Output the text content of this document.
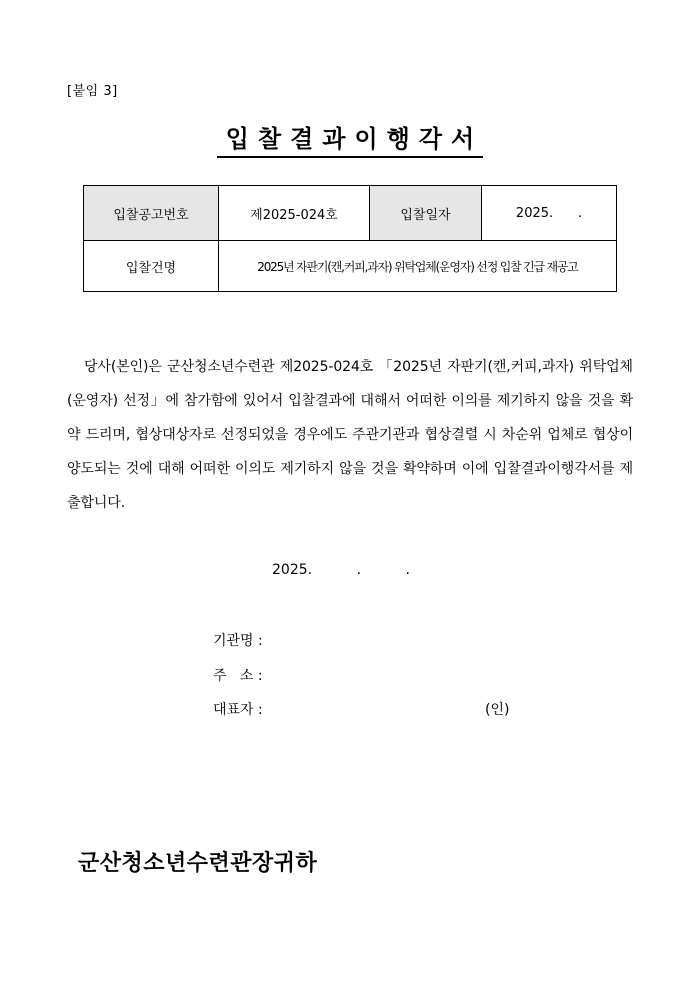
[붙임 3]
입찰결과이행각서
입찰공고번호	제2025-024호	입찰일자	2025.      .
입찰건명	2025년 자판기(캔,커피,과자) 위탁업체(운영자) 선정 입찰 긴급 재공고		
당사(본인)은 군산청소년수련관 제2025-024호 「2025년 자판기(캔,커피,과자) 위탁업체(운영자) 선정」에 참가함에 있어서 입찰결과에 대해서 어떠한 이의를 제기하지 않을 것을 확약 드리며, 협상대상자로 선정되었을 경우에도 주관기관과 협상결렬 시 차순위 업체로 협상이 양도되는 것에 대해 어떠한 이의도 제기하지 않을 것을 확약하며 이에 입찰결과이행각서를 제출합니다.
2025.          .          .
기관명 :
주   소 :
대표자 :	(인)
군산청소년수련관장귀하
